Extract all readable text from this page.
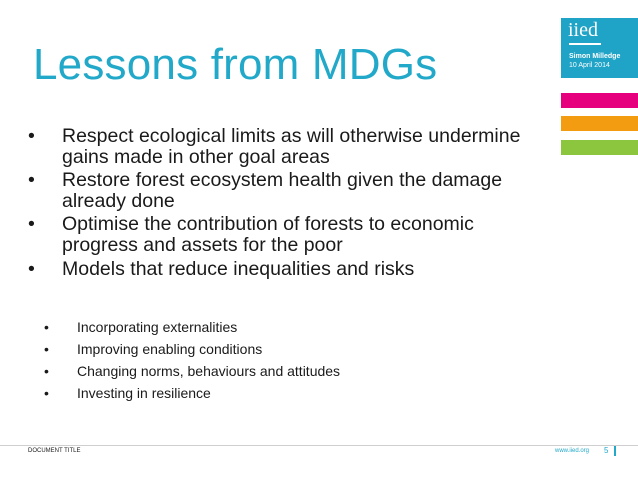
Lessons from MDGs
iied
Simon Milledge
10 April 2014
• Respect ecological limits as will otherwise undermine gains made in other goal areas
• Restore forest ecosystem health given the damage already done
• Optimise the contribution of forests to economic progress and assets for the poor
• Models that reduce inequalities and risks
• Incorporating externalities
• Improving enabling conditions
• Changing norms, behaviours and attitudes
• Investing in resilience
DOCUMENT TITLE	www.iied.org 5
